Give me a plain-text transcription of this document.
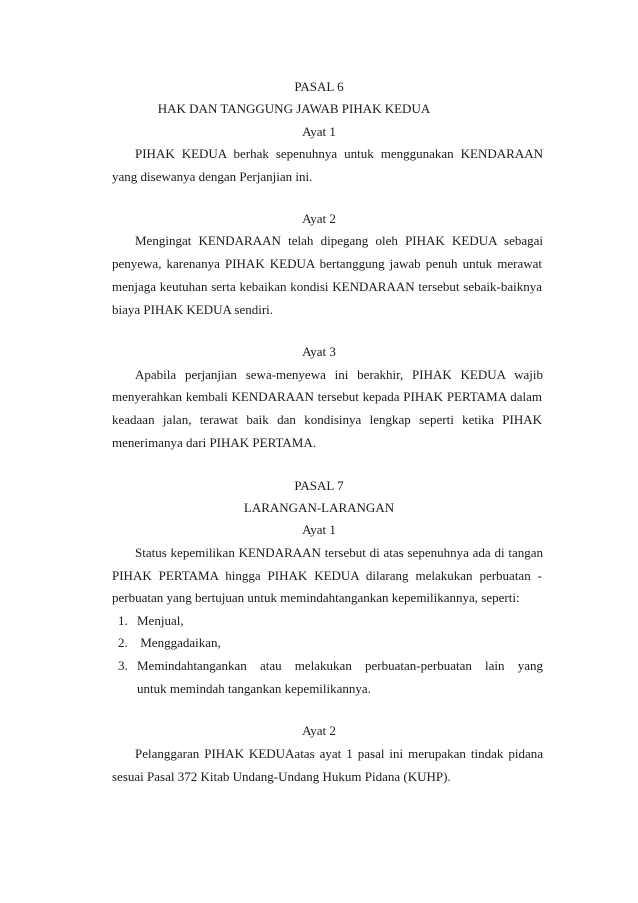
PASAL 6
HAK DAN TANGGUNG JAWAB PIHAK KEDUA
Ayat 1
PIHAK KEDUA berhak sepenuhnya untuk menggunakan KENDARAAN
yang disewanya dengan Perjanjian ini.
Ayat 2
Mengingat KENDARAAN telah dipegang oleh PIHAK KEDUA sebagai
penyewa, karenanya PIHAK KEDUA bertanggung jawab penuh untuk merawat
menjaga keutuhan serta kebaikan kondisi KENDARAAN tersebut sebaik-baiknya
biaya PIHAK KEDUA sendiri.
Ayat 3
Apabila perjanjian sewa-menyewa ini berakhir, PIHAK KEDUA wajib
menyerahkan kembali KENDARAAN tersebut kepada PIHAK PERTAMA dalam
keadaan jalan, terawat baik dan kondisinya lengkap seperti ketika PIHAK
menerimanya dari PIHAK PERTAMA.
PASAL 7
LARANGAN-LARANGAN
Ayat 1
Status kepemilikan KENDARAAN tersebut di atas sepenuhnya ada di tangan
PIHAK PERTAMA hingga PIHAK KEDUA dilarang melakukan perbuatan -
perbuatan yang bertujuan untuk memindahtangankan kepemilikannya, seperti:
1. Menjual,
2. Menggadaikan,
3. Memindahtangankan atau melakukan perbuatan-perbuatan lain yang
untuk memindah tangankan kepemilikannya.
Ayat 2
Pelanggaran PIHAK KEDUAatas ayat 1 pasal ini merupakan tindak pidana
sesuai Pasal 372 Kitab Undang-Undang Hukum Pidana (KUHP).
